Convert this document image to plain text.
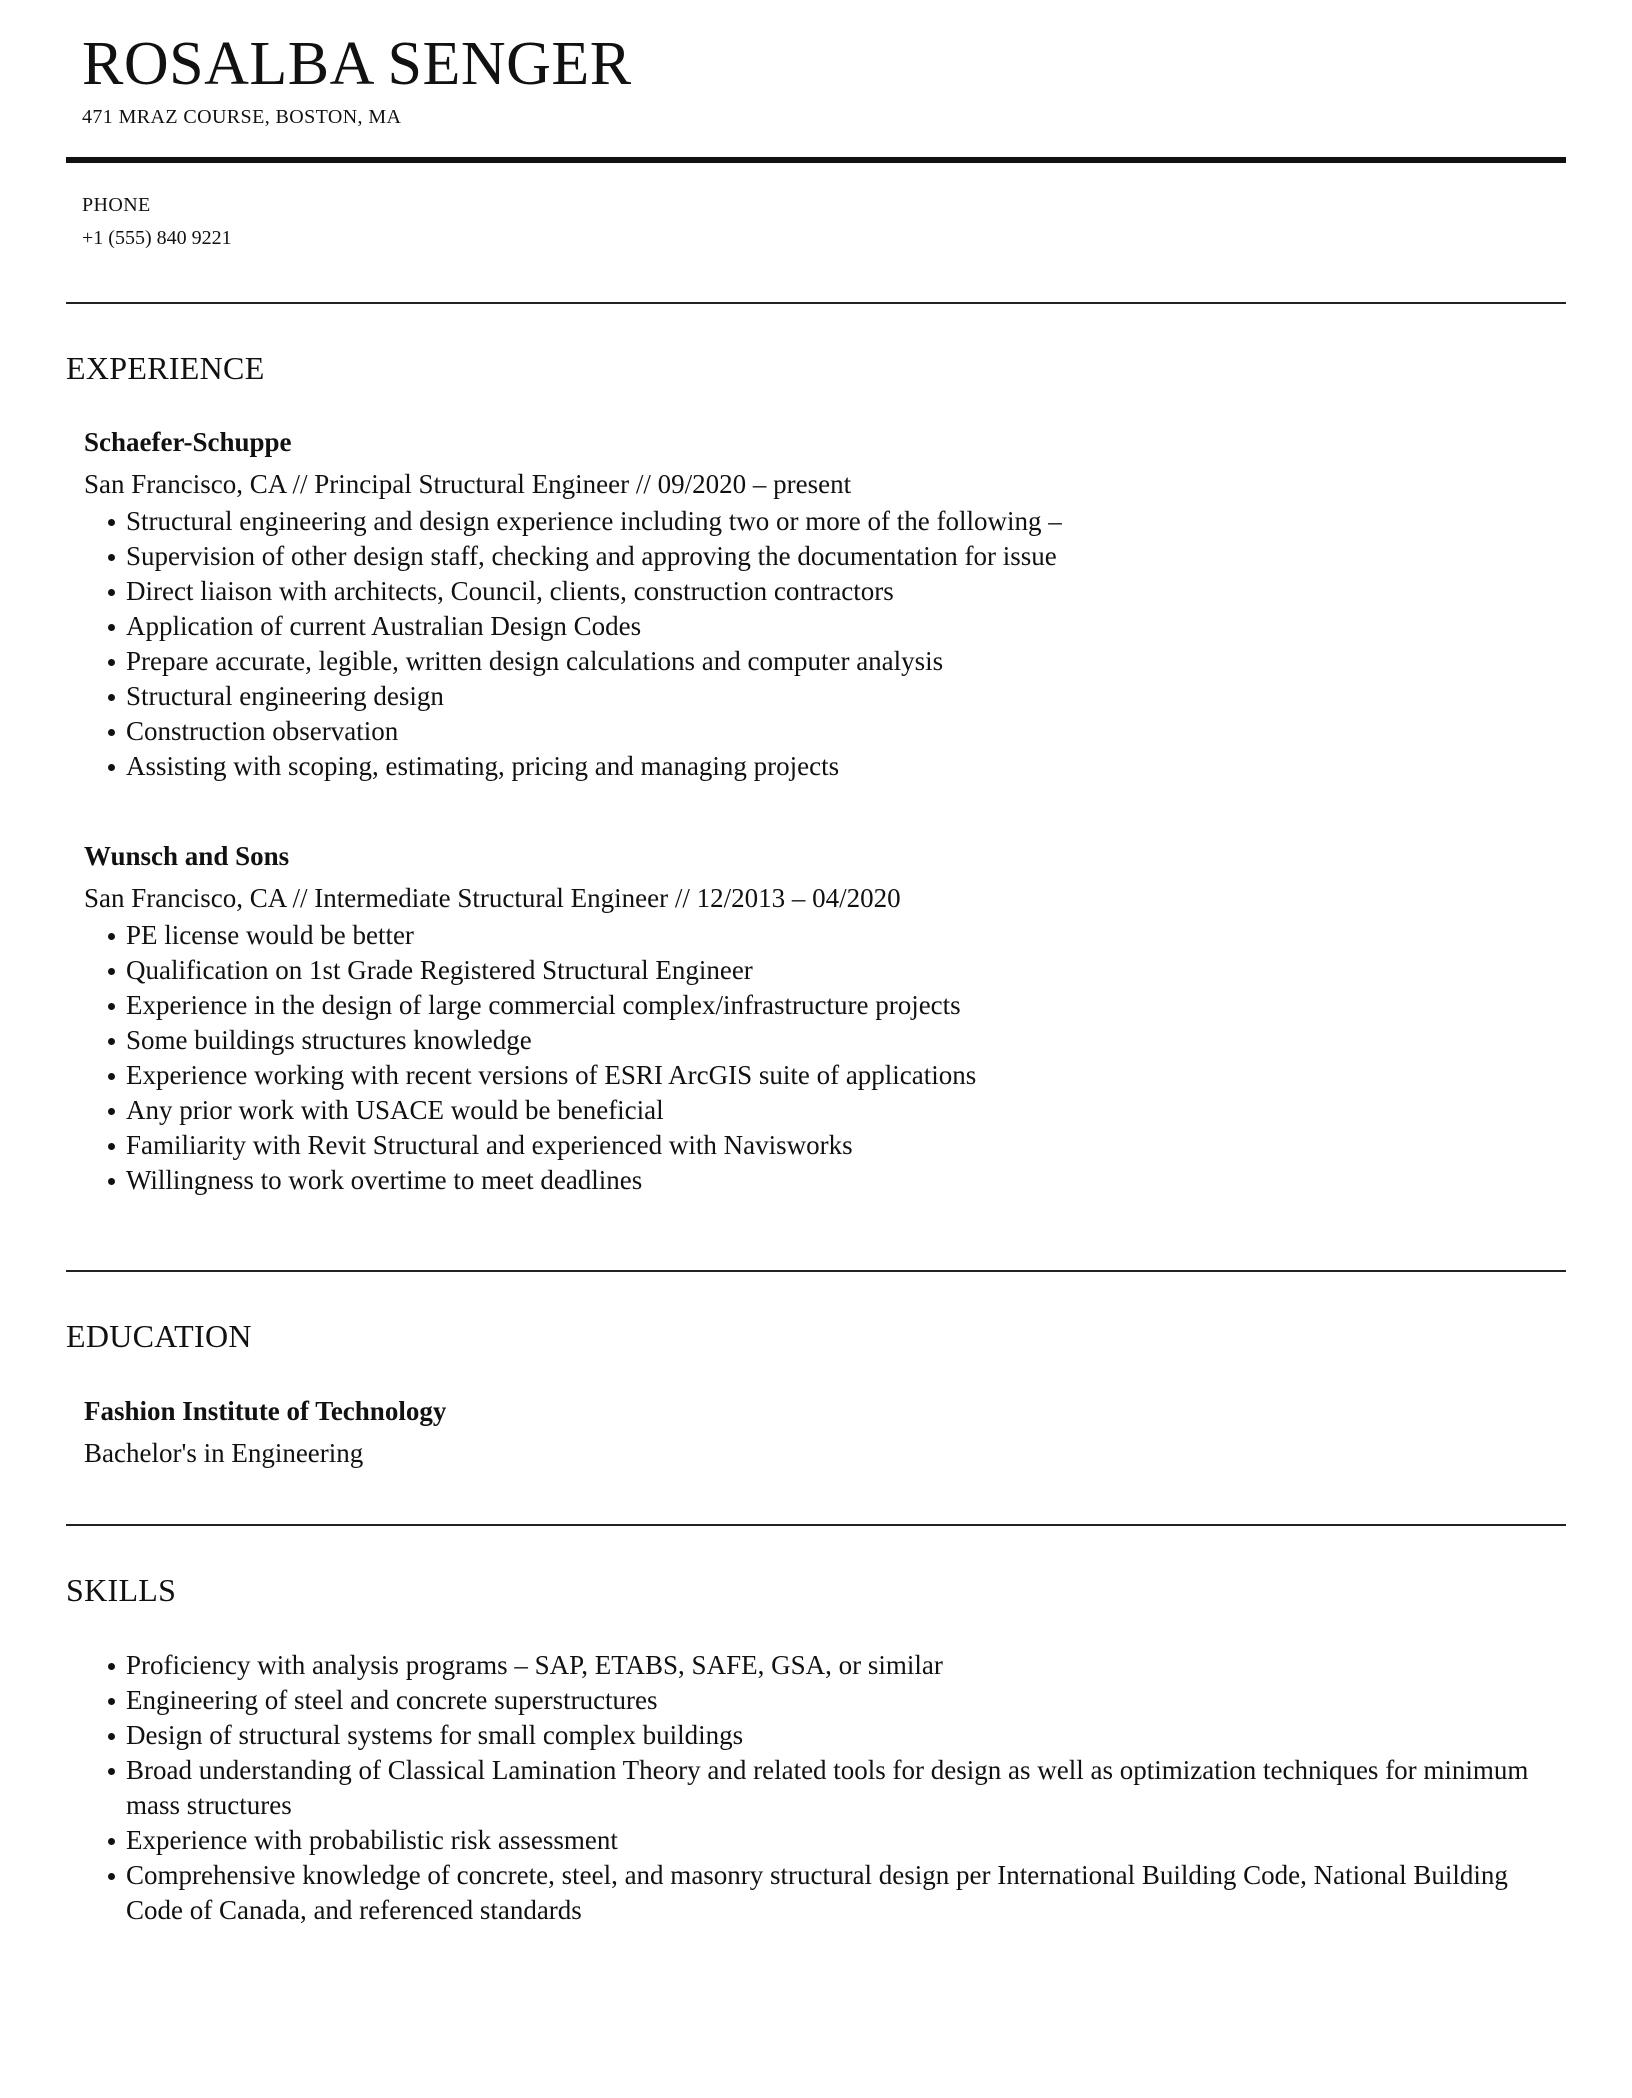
ROSALBA SENGER
471 MRAZ COURSE, BOSTON, MA
PHONE
+1 (555) 840 9221
EXPERIENCE
Schaefer-Schuppe
San Francisco, CA // Principal Structural Engineer // 09/2020 – present
Structural engineering and design experience including two or more of the following –
Supervision of other design staff, checking and approving the documentation for issue
Direct liaison with architects, Council, clients, construction contractors
Application of current Australian Design Codes
Prepare accurate, legible, written design calculations and computer analysis
Structural engineering design
Construction observation
Assisting with scoping, estimating, pricing and managing projects
Wunsch and Sons
San Francisco, CA // Intermediate Structural Engineer // 12/2013 – 04/2020
PE license would be better
Qualification on 1st Grade Registered Structural Engineer
Experience in the design of large commercial complex/infrastructure projects
Some buildings structures knowledge
Experience working with recent versions of ESRI ArcGIS suite of applications
Any prior work with USACE would be beneficial
Familiarity with Revit Structural and experienced with Navisworks
Willingness to work overtime to meet deadlines
EDUCATION
Fashion Institute of Technology
Bachelor's in Engineering
SKILLS
Proficiency with analysis programs – SAP, ETABS, SAFE, GSA, or similar
Engineering of steel and concrete superstructures
Design of structural systems for small complex buildings
Broad understanding of Classical Lamination Theory and related tools for design as well as optimization techniques for minimum mass structures
Experience with probabilistic risk assessment
Comprehensive knowledge of concrete, steel, and masonry structural design per International Building Code, National Building Code of Canada, and referenced standards
